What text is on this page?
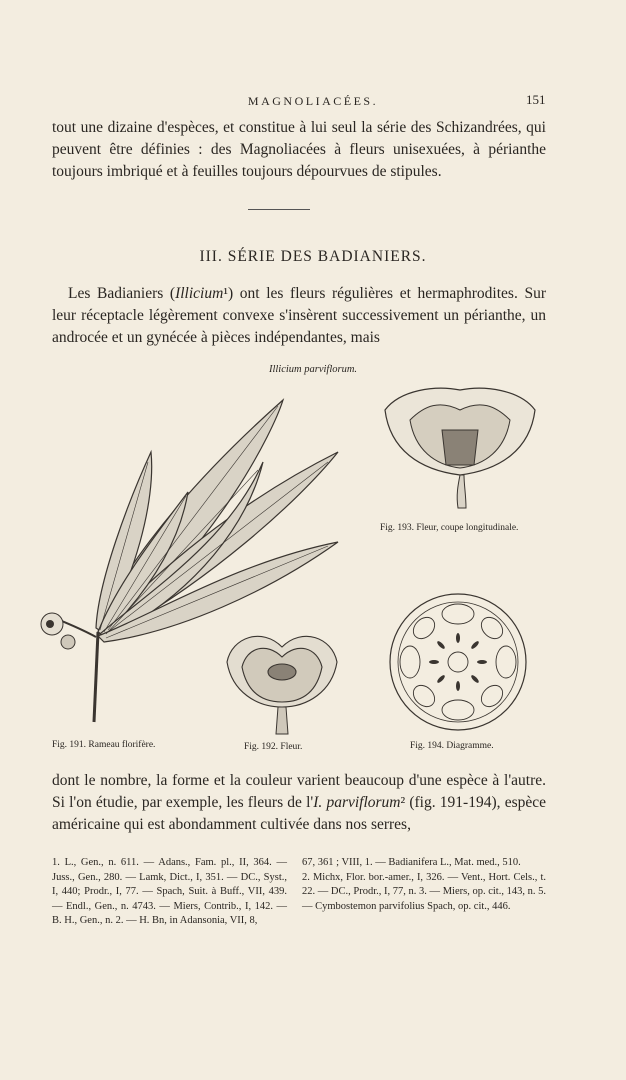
MAGNOLIACÉES.	151
tout une dizaine d'espèces, et constitue à lui seul la série des Schizandrées, qui peuvent être définies : des Magnoliacées à fleurs unisexuées, à périanthe toujours imbriqué et à feuilles toujours dépourvues de stipules.
III. SÉRIE DES BADIANIERS.
Les Badianiers (Illicium¹) ont les fleurs régulières et hermaphrodites. Sur leur réceptacle légèrement convexe s'insèrent successivement un périanthe, un androcée et un gynécée à pièces indépendantes, mais
Illicium parviflorum.
Fig. 193. Fleur, coupe longitudinale.
Fig. 191. Rameau florifère.	Fig. 192. Fleur.	Fig. 194. Diagramme.
dont le nombre, la forme et la couleur varient beaucoup d'une espèce à l'autre. Si l'on étudie, par exemple, les fleurs de l'I. parviflorum² (fig. 191-194), espèce américaine qui est abondamment cultivée dans nos serres,
1. L., Gen., n. 611. — Adans., Fam. pl., II, 364. — Juss., Gen., 280. — Lamk, Dict., I, 351. — DC., Syst., I, 440; Prodr., I, 77. — Spach, Suit. à Buff., VII, 439. — Endl., Gen., n. 4743. — Miers, Contrib., I, 142. — B. H., Gen., n. 2. — H. Bn, in Adansonia, VII, 8,
67, 361 ; VIII, 1. — Badianifera L., Mat. med., 510.
2. Michx, Flor. bor.-amer., I, 326. — Vent., Hort. Cels., t. 22. — DC., Prodr., I, 77, n. 3. — Miers, op. cit., 143, n. 5. — Cymbostemon parvifolius Spach, op. cit., 446.
